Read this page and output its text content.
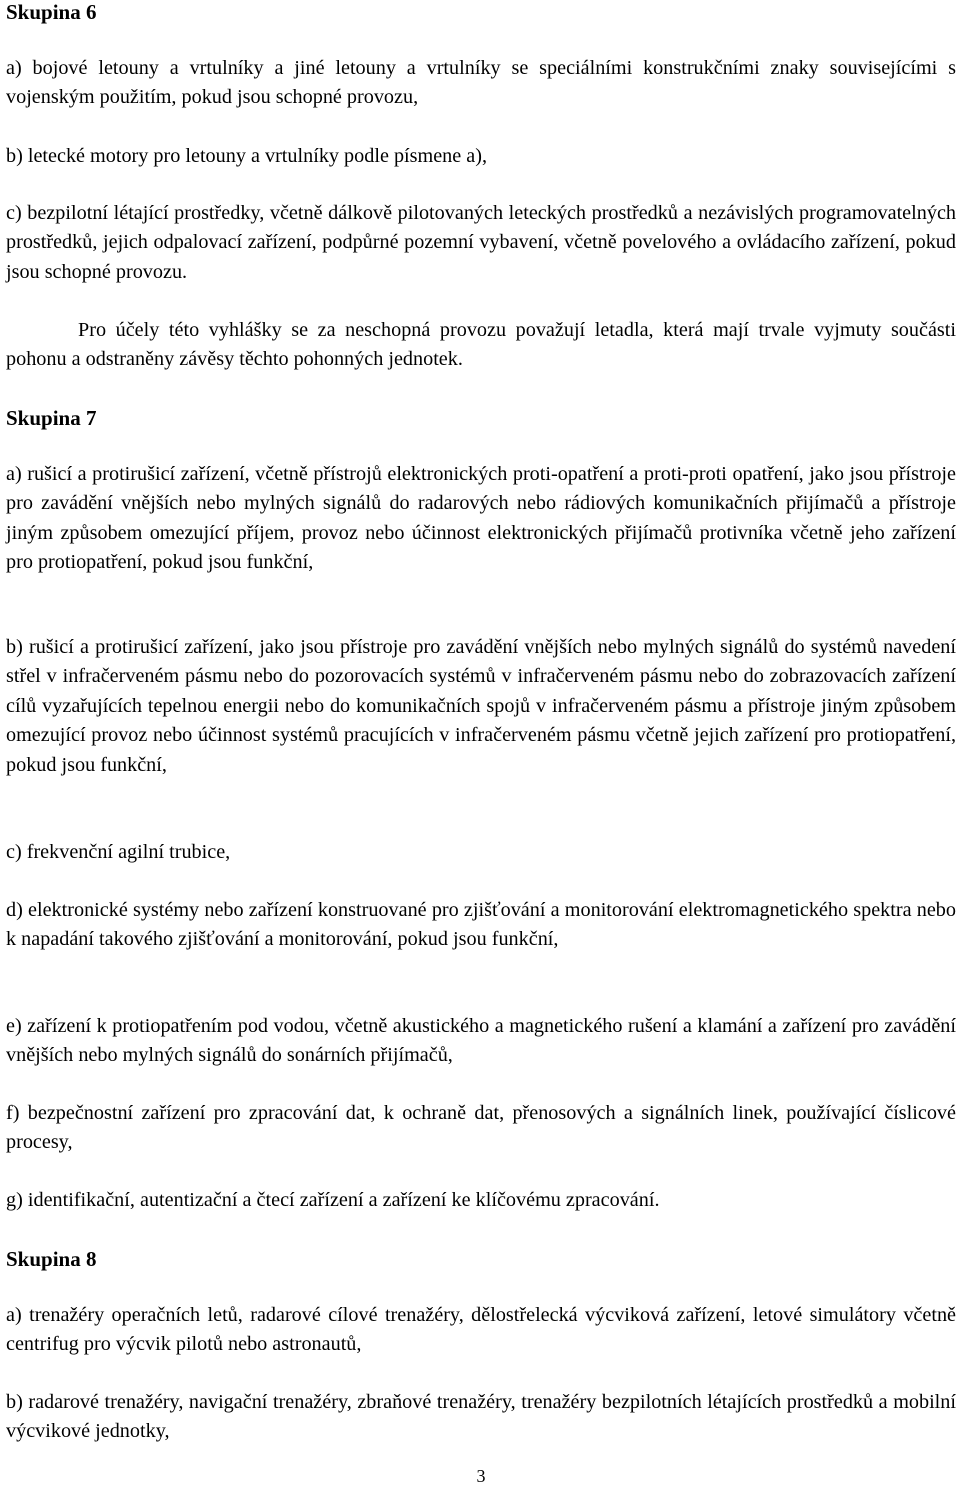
Skupina 6

a) bojové letouny a vrtulníky a jiné letouny a vrtulníky se speciálními konstrukčními znaky souvisejícími s vojenským použitím, pokud jsou schopné provozu,

b) letecké motory pro letouny a vrtulníky podle písmene a),

c) bezpilotní létající prostředky, včetně dálkově pilotovaných leteckých prostředků a nezávislých programovatelných prostředků, jejich odpalovací zařízení, podpůrné pozemní vybavení, včetně povelového a ovládacího zařízení, pokud jsou schopné provozu.

Pro účely této vyhlášky se za neschopná provozu považují letadla, která mají trvale vyjmuty součásti pohonu a odstraněny závěsy těchto pohonných jednotek.

Skupina 7

a) rušicí a protirušicí zařízení, včetně přístrojů elektronických proti-opatření a proti-proti opatření, jako jsou přístroje pro zavádění vnějších nebo mylných signálů do radarových nebo rádiových komunikačních přijímačů a přístroje jiným způsobem omezující příjem, provoz nebo účinnost elektronických přijímačů protivníka včetně jeho zařízení pro protiopatření, pokud jsou funkční,

b) rušicí a protirušicí zařízení, jako jsou přístroje pro zavádění vnějších nebo mylných signálů do systémů navedení střel v infračerveném pásmu nebo do pozorovacích systémů v infračerveném pásmu nebo do zobrazovacích zařízení cílů vyzařujících tepelnou energii nebo do komunikačních spojů v infračerveném pásmu a přístroje jiným způsobem omezující provoz nebo účinnost systémů pracujících v infračerveném pásmu včetně jejich zařízení pro protiopatření, pokud jsou funkční,

c) frekvenční agilní trubice,

d) elektronické systémy nebo zařízení konstruované pro zjišťování a monitorování elektromagnetického spektra nebo k napadání takového zjišťování a monitorování, pokud jsou funkční,

e) zařízení k protiopatřením pod vodou, včetně akustického a magnetického rušení a klamání a zařízení pro zavádění vnějších nebo mylných signálů do sonárních přijímačů,

f) bezpečnostní zařízení pro zpracování dat, k ochraně dat, přenosových a signálních linek, používající číslicové procesy,

g) identifikační, autentizační a čtecí zařízení a zařízení ke klíčovému zpracování.

Skupina 8

a) trenažéry operačních letů, radarové cílové trenažéry, dělostřelecká výcviková zařízení, letové simulátory včetně centrifug pro výcvik pilotů nebo astronautů,

b) radarové trenažéry, navigační trenažéry, zbraňové trenažéry, trenažéry bezpilotních létajících prostředků a mobilní výcvikové jednotky,

3
